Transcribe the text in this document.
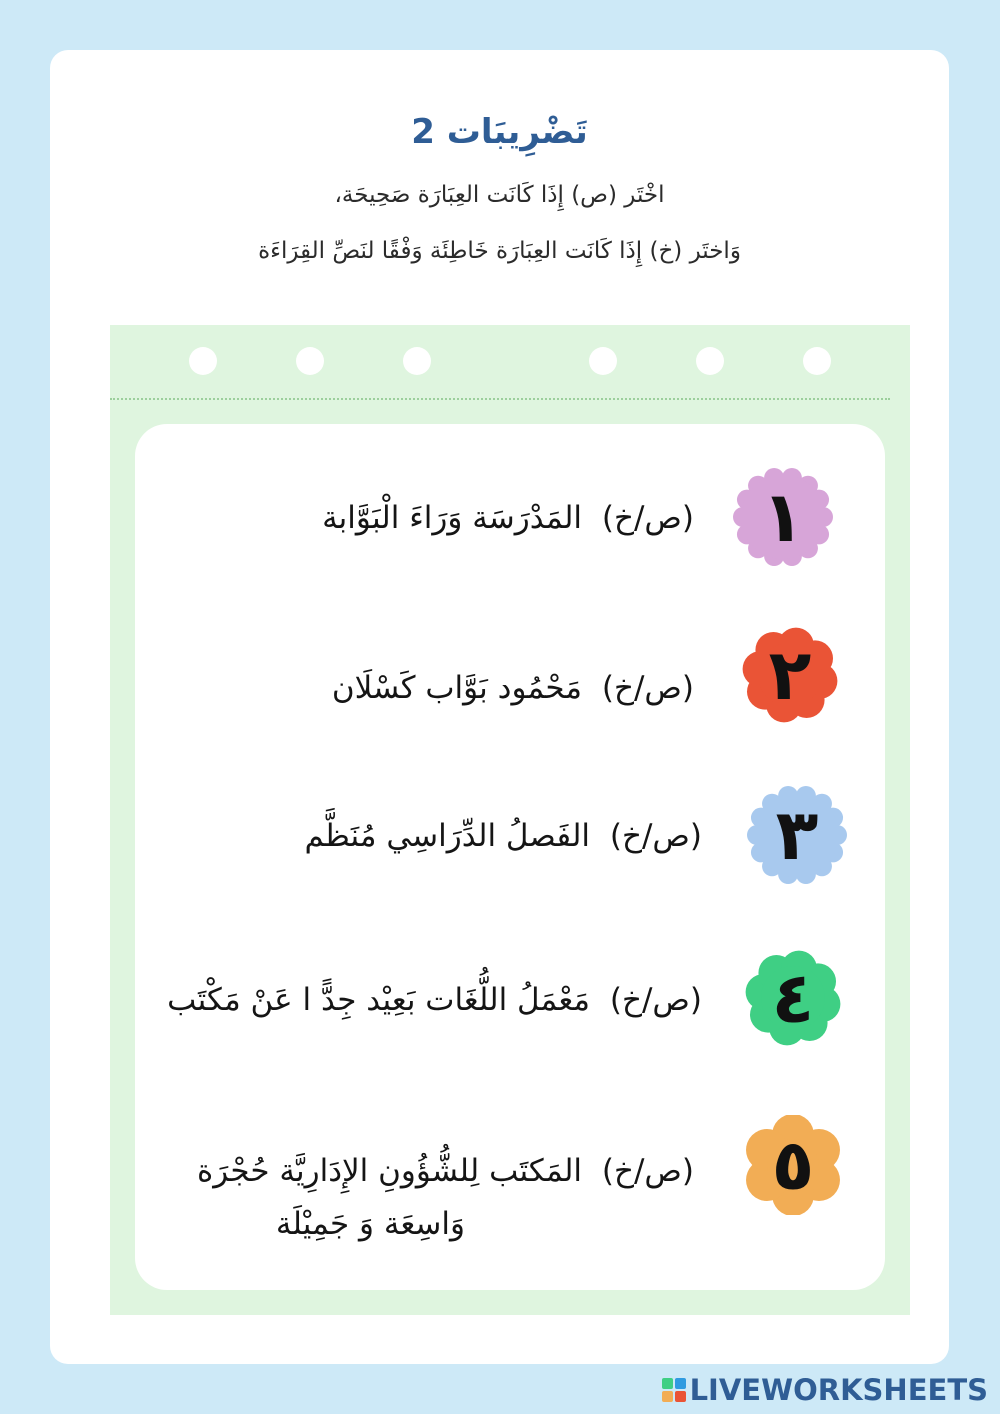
تَضْرِيبَات 2
اخْتَر (ص) إِذَا كَانَت العِبَارَة صَحِيحَة،
وَاختَر (خ) إِذَا كَانَت العِبَارَة خَاطِئَة وَفْقًا لنَصِّ القِرَاءَة
١
(ص/خ) المَدْرَسَة وَرَاءَ الْبَوَّابة
٢
(ص/خ) مَحْمُود بَوَّاب كَسْلَان
٣
(ص/خ) الفَصلُ الدِّرَاسِي مُنَظَّم
٤
(ص/خ) مَعْمَلُ اللُّغَات بَعِيْد جِدًّ ا عَنْ مَكْتَب
٥
(ص/خ) المَكتَب لِلشُّؤُونِ الإِدَارِيَّة حُجْرَة
وَاسِعَة وَ جَمِيْلَة
LIVEWORKSHEETS
